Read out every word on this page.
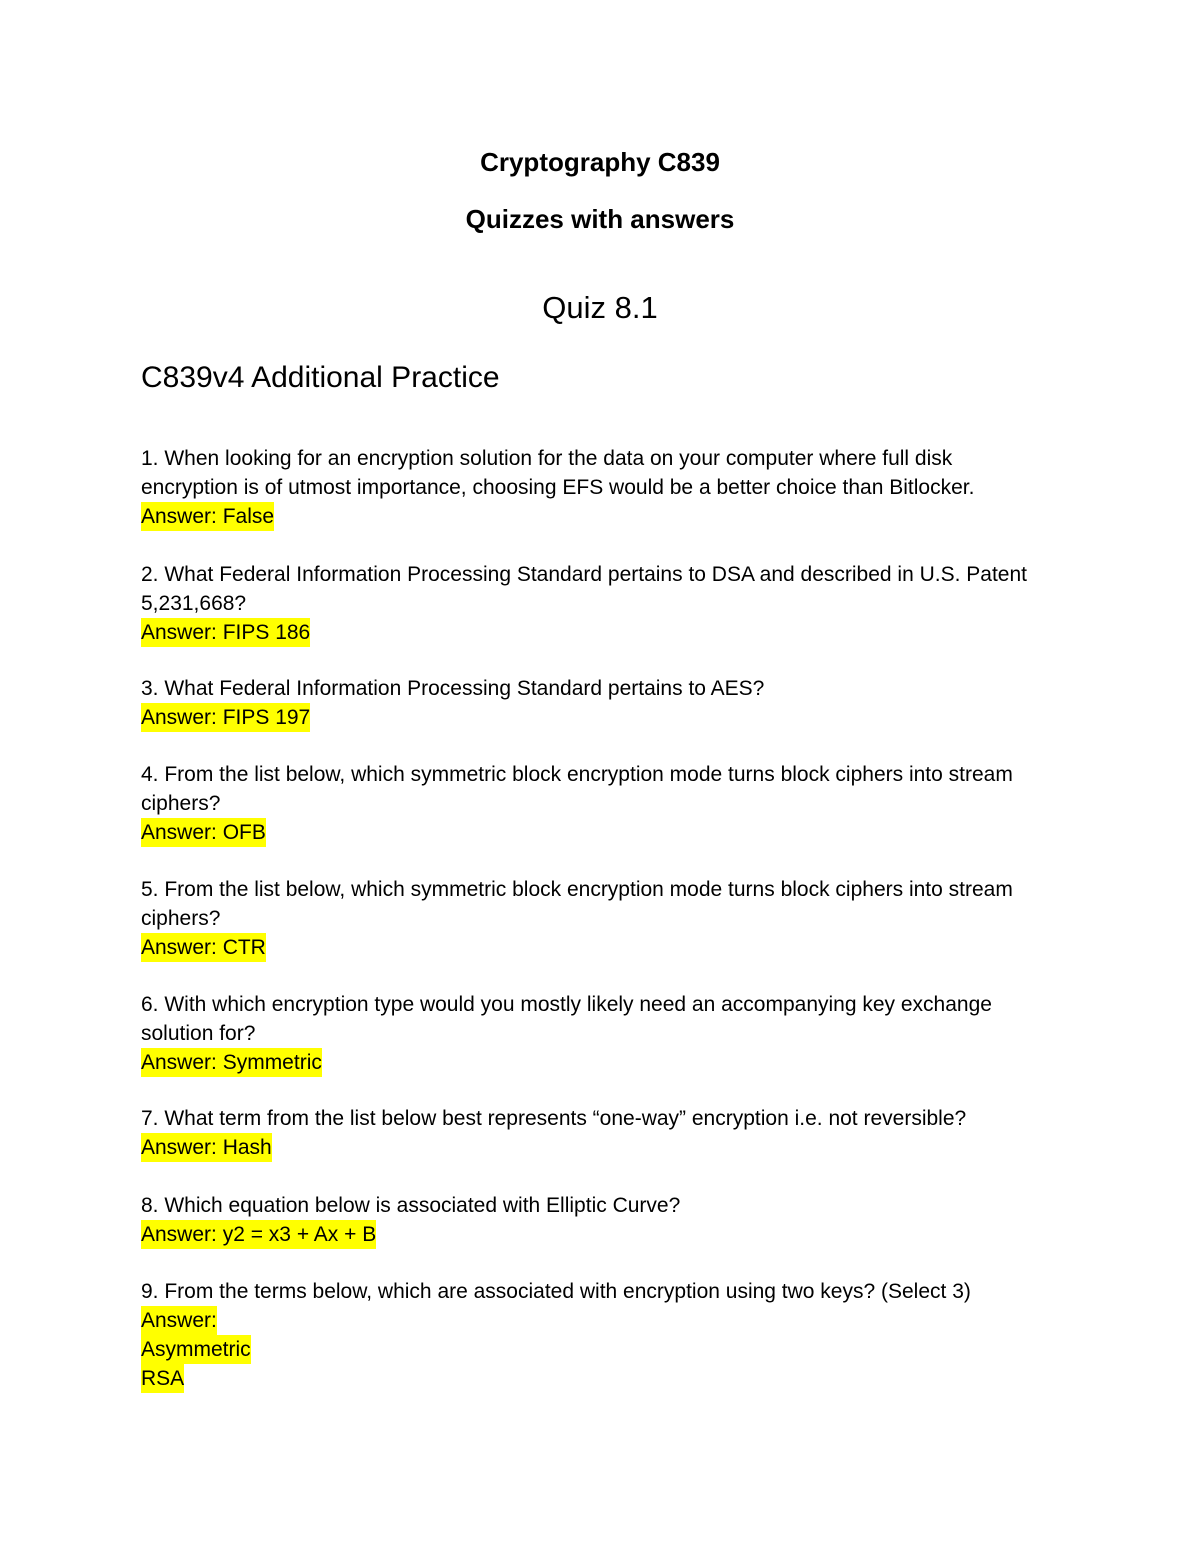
Cryptography C839
Quizzes with answers
Quiz 8.1
C839v4 Additional Practice
1. When looking for an encryption solution for the data on your computer where full disk encryption is of utmost importance, choosing EFS would be a better choice than Bitlocker.
Answer: False
2. What Federal Information Processing Standard pertains to DSA and described in U.S. Patent 5,231,668?
Answer: FIPS 186
3. What Federal Information Processing Standard pertains to AES?
Answer: FIPS 197
4. From the list below, which symmetric block encryption mode turns block ciphers into stream ciphers?
Answer: OFB
5. From the list below, which symmetric block encryption mode turns block ciphers into stream ciphers?
Answer: CTR
6. With which encryption type would you mostly likely need an accompanying key exchange solution for?
Answer: Symmetric
7. What term from the list below best represents “one-way” encryption i.e. not reversible?
Answer: Hash
8. Which equation below is associated with Elliptic Curve?
Answer: y2 = x3 + Ax + B
9. From the terms below, which are associated with encryption using two keys? (Select 3)
Answer:
Asymmetric
RSA
